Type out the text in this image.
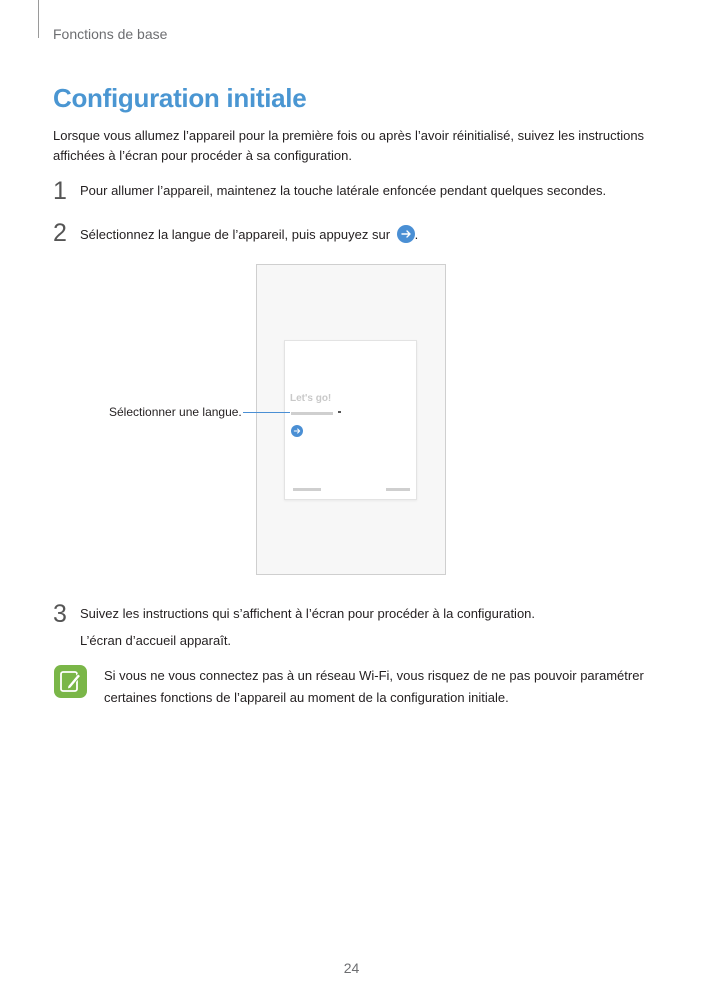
Fonctions de base
Configuration initiale

Lorsque vous allumez l’appareil pour la première fois ou après l’avoir réinitialisé, suivez les instructions affichées à l’écran pour procéder à sa configuration.

1 Pour allumer l’appareil, maintenez la touche latérale enfoncée pendant quelques secondes.
2 Sélectionnez la langue de l’appareil, puis appuyez sur .
Let's go!
Sélectionner une langue.
3 Suivez les instructions qui s’affichent à l’écran pour procéder à la configuration.
L’écran d’accueil apparaît.

Si vous ne vous connectez pas à un réseau Wi-Fi, vous risquez de ne pas pouvoir paramétrer certaines fonctions de l’appareil au moment de la configuration initiale.

24
